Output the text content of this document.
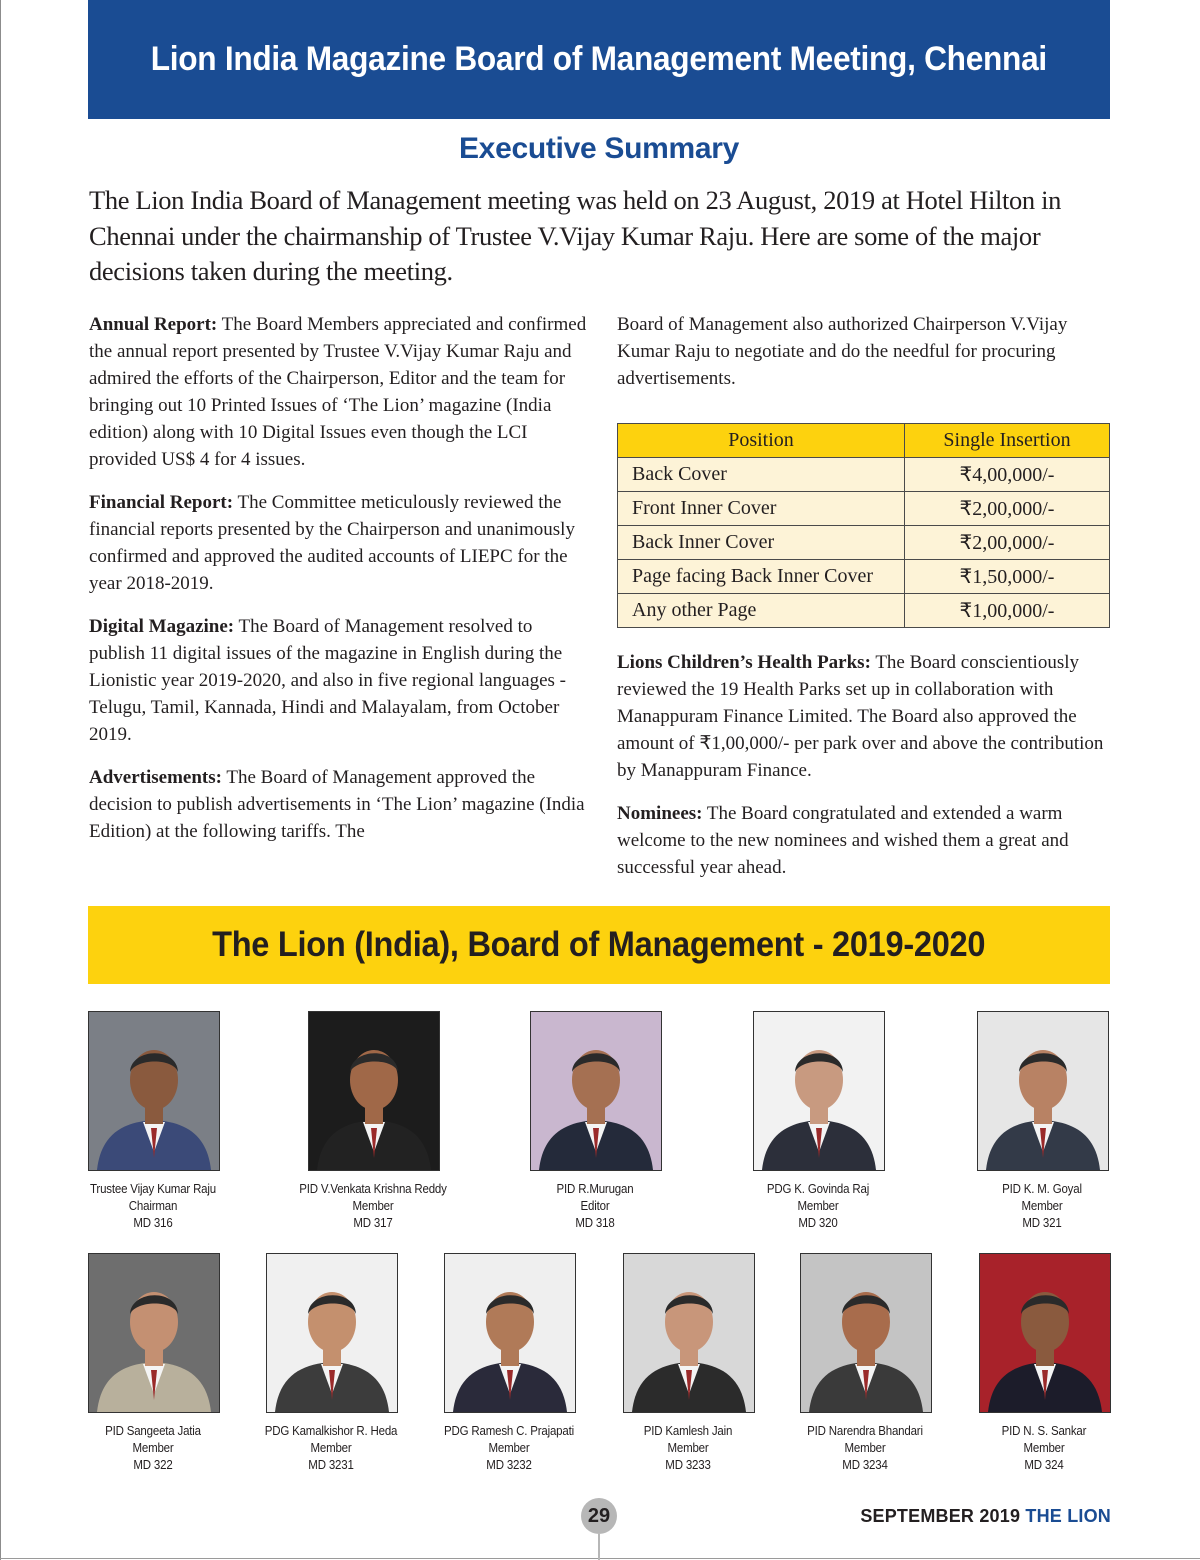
Lion India Magazine Board of Management Meeting, Chennai
Executive Summary

The Lion India Board of Management meeting was held on 23 August, 2019 at Hotel Hilton in Chennai under the chairmanship of Trustee V.Vijay Kumar Raju. Here are some of the major decisions taken during the meeting.

Annual Report: The Board Members appreciated and confirmed the annual report presented by Trustee V.Vijay Kumar Raju and admired the efforts of the Chairperson, Editor and the team for bringing out 10 Printed Issues of ‘The Lion’ magazine (India edition) along with 10 Digital Issues even though the LCI provided US$ 4 for 4 issues.

Financial Report: The Committee meticulously reviewed the financial reports presented by the Chairperson and unanimously confirmed and approved the audited accounts of LIEPC for the year 2018-2019.

Digital Magazine: The Board of Management resolved to publish 11 digital issues of the magazine in English during the Lionistic year 2019-2020, and also in five regional languages - Telugu, Tamil, Kannada, Hindi and Malayalam, from October 2019.

Advertisements: The Board of Management approved the decision to publish advertisements in ‘The Lion’ magazine (India Edition) at the following tariffs. The

Board of Management also authorized Chairperson V.Vijay Kumar Raju to negotiate and do the needful for procuring advertisements.

Position	Single Insertion
Back Cover	₹4,00,000/-
Front Inner Cover	₹2,00,000/-
Back Inner Cover	₹2,00,000/-
Page facing Back Inner Cover	₹1,50,000/-
Any other Page	₹1,00,000/-

Lions Children’s Health Parks: The Board conscientiously reviewed the 19 Health Parks set up in collaboration with Manappuram Finance Limited. The Board also approved the amount of ₹1,00,000/- per park over and above the contribution by Manappuram Finance.

Nominees: The Board congratulated and extended a warm welcome to the new nominees and wished them a great and successful year ahead.

The Lion (India), Board of Management - 2019-2020
Trustee Vijay Kumar Raju
Chairman
MD 316
PID V.Venkata Krishna Reddy
Member
MD 317
PID R.Murugan
Editor
MD 318
PDG K. Govinda Raj
Member
MD 320
PID K. M. Goyal
Member
MD 321
PID Sangeeta Jatia
Member
MD 322
PDG Kamalkishor R. Heda
Member
MD 3231
PDG Ramesh C. Prajapati
Member
MD 3232
PID Kamlesh Jain
Member
MD 3233
PID Narendra Bhandari
Member
MD 3234
PID N. S. Sankar
Member
MD 324
29	SEPTEMBER 2019 THE LION
